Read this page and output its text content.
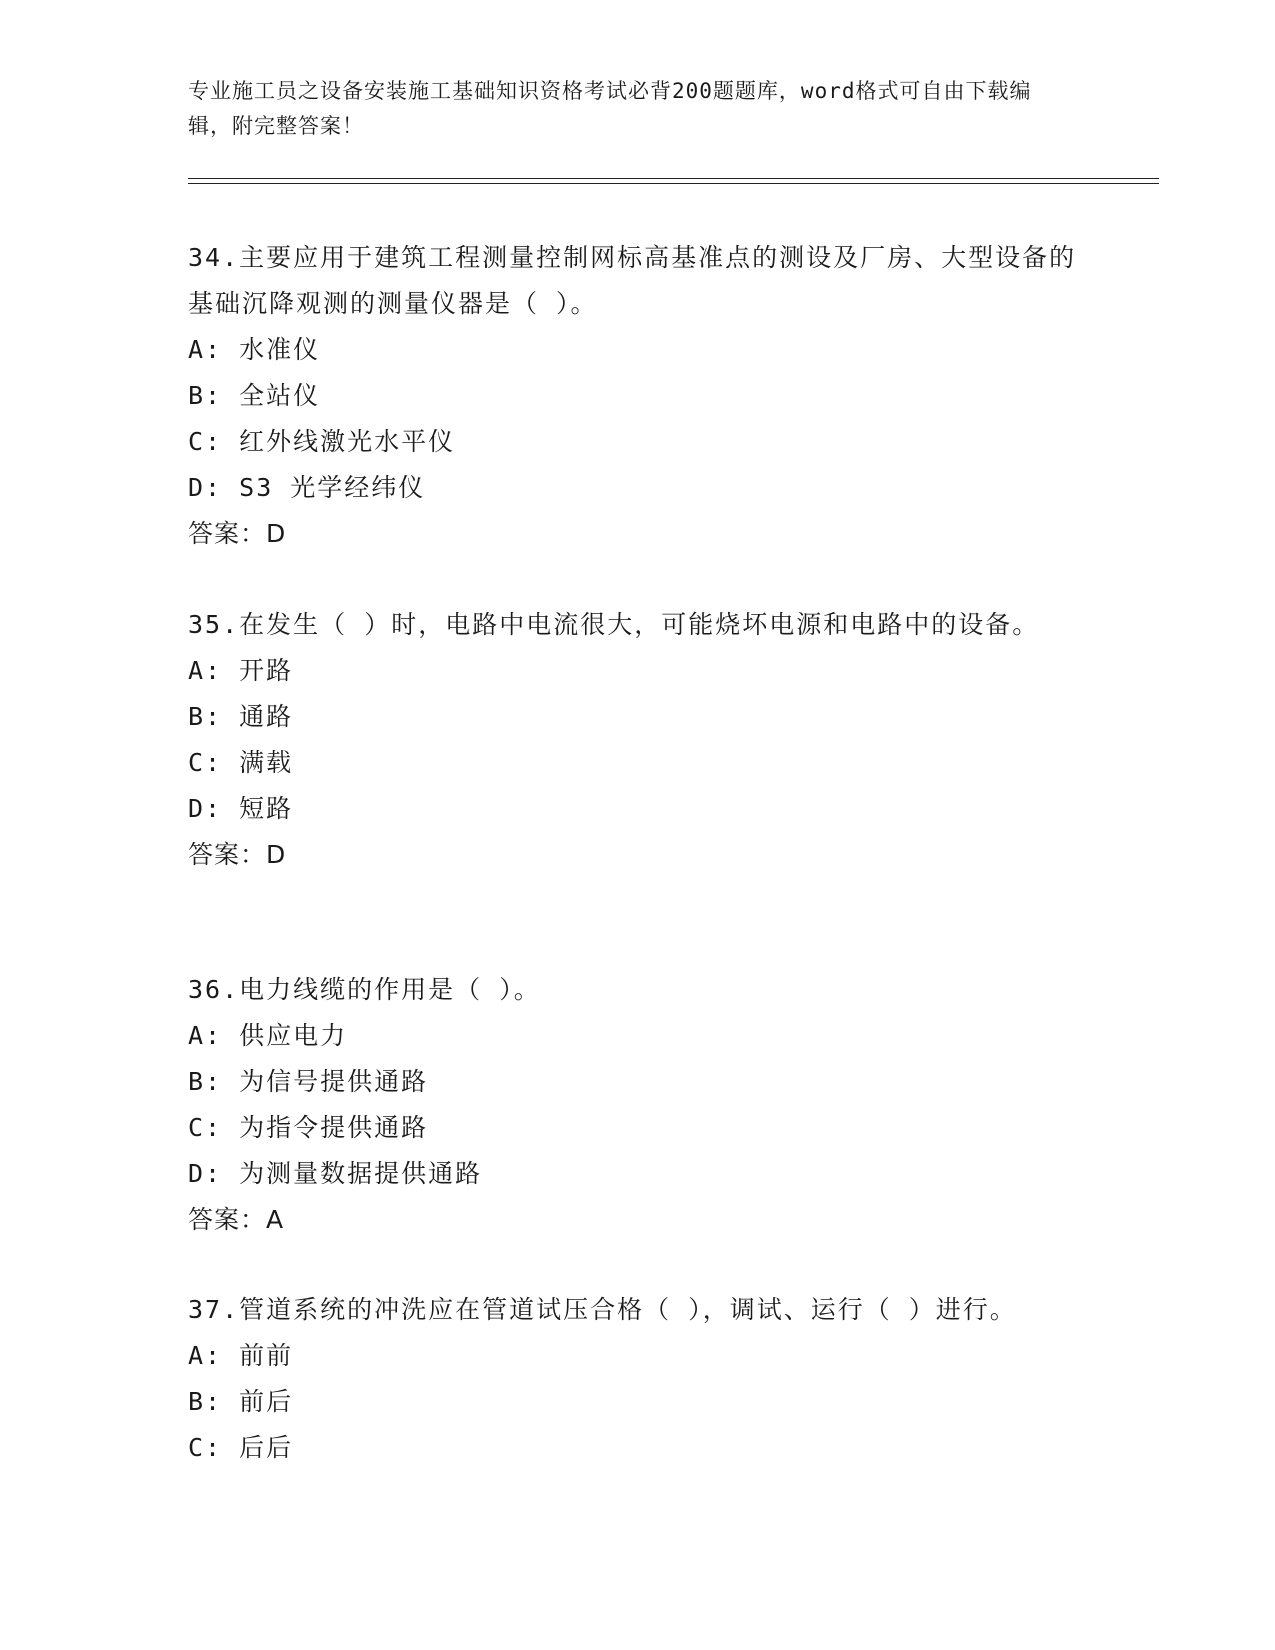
专业施工员之设备安装施工基础知识资格考试必背200题题库，word格式可自由下载编辑，附完整答案！

34.主要应用于建筑工程测量控制网标高基准点的测设及厂房、大型设备的基础沉降观测的测量仪器是（ ）。

A: 水准仪

B: 全站仪

C: 红外线激光水平仪

D: S3 光学经纬仪

答案：D

35.在发生（ ）时，电路中电流很大，可能烧坏电源和电路中的设备。

A: 开路

B: 通路

C: 满载

D: 短路

答案：D

36.电力线缆的作用是（ ）。

A: 供应电力

B: 为信号提供通路

C: 为指令提供通路

D: 为测量数据提供通路

答案：A

37.管道系统的冲洗应在管道试压合格（ ），调试、运行（ ）进行。

A: 前前

B: 前后

C: 后后
